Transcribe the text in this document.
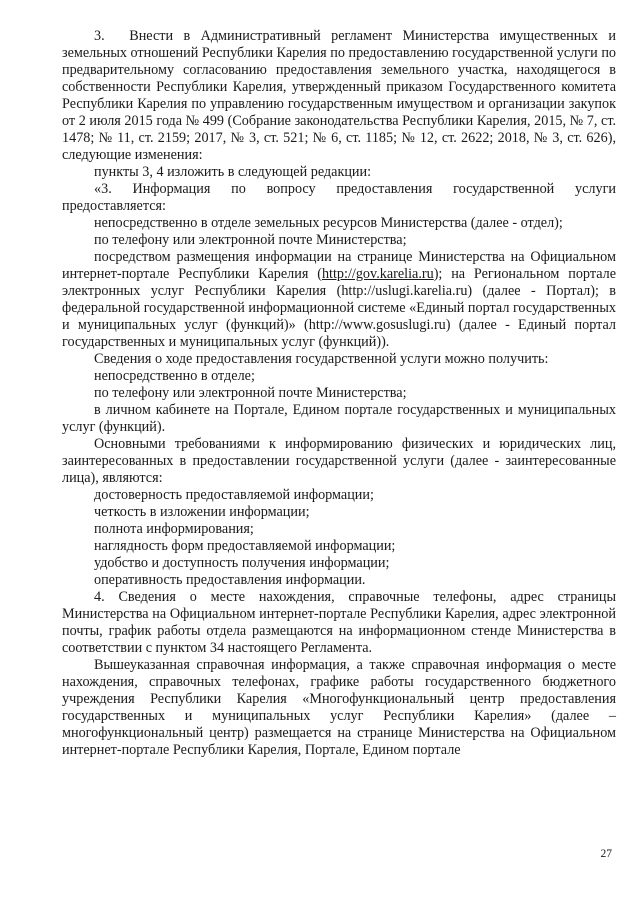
3.  Внести в Административный регламент Министерства имущественных и земельных отношений Республики Карелия по предоставлению государственной услуги по предварительному согласованию предоставления земельного участка, находящегося в собственности Республики Карелия, утвержденный приказом Государственного комитета Республики Карелия по управлению государственным имуществом и организации закупок от 2 июля 2015 года № 499 (Собрание законодательства Республики Карелия, 2015, № 7, ст. 1478; № 11, ст. 2159; 2017, № 3, ст. 521; № 6, ст. 1185; № 12, ст. 2622; 2018, № 3, ст. 626), следующие изменения:

пункты 3, 4 изложить в следующей редакции:

«3. Информация по вопросу предоставления государственной услуги предоставляется:

непосредственно в отделе земельных ресурсов Министерства (далее - отдел);

по телефону или электронной почте Министерства;

посредством размещения информации на странице Министерства на Официальном интернет-портале Республики Карелия (http://gov.karelia.ru); на Региональном портале электронных услуг Республики Карелия (http://uslugi.karelia.ru) (далее - Портал); в федеральной государственной информационной системе «Единый портал государственных и муниципальных услуг (функций)» (http://www.gosuslugi.ru) (далее - Единый портал государственных и муниципальных услуг (функций)).

Сведения о ходе предоставления государственной услуги можно получить:

непосредственно в отделе;

по телефону или электронной почте Министерства;

в личном кабинете на Портале, Едином портале государственных и муниципальных услуг (функций).

Основными требованиями к информированию физических и юридических лиц, заинтересованных в предоставлении государственной услуги (далее - заинтересованные лица), являются:

достоверность предоставляемой информации;

четкость в изложении информации;

полнота информирования;

наглядность форм предоставляемой информации;

удобство и доступность получения информации;

оперативность предоставления информации.

4. Сведения о месте нахождения, справочные телефоны, адрес страницы Министерства на Официальном интернет-портале Республики Карелия, адрес электронной почты, график работы отдела размещаются на информационном стенде Министерства в соответствии с пунктом 34 настоящего Регламента.

Вышеуказанная справочная информация, а также справочная информация о месте нахождения, справочных телефонах, графике работы государственного бюджетного учреждения Республики Карелия «Многофункциональный центр предоставления государственных и муниципальных услуг Республики Карелия» (далее – многофункциональный центр) размещается на странице Министерства на Официальном интернет-портале Республики Карелия, Портале, Едином портале

27
